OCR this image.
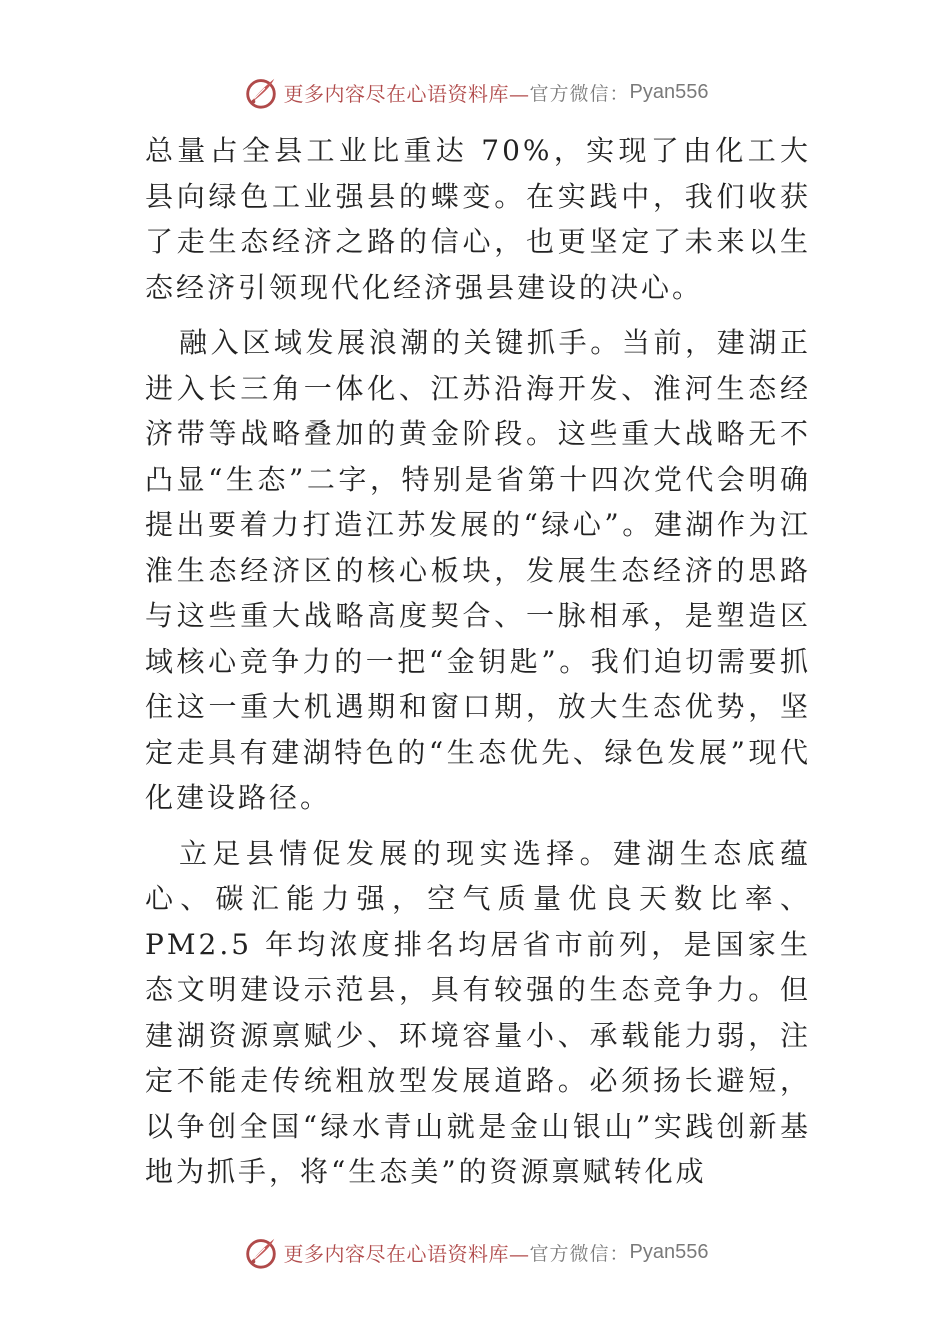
更多内容尽在心语资料库— 官方微信： Pyan556

总量占全县工业比重达 70%，实现了由化工大县向绿色工业强县的蝶变。在实践中，我们收获了走生态经济之路的信心，也更坚定了未来以生态经济引领现代化经济强县建设的决心。

融入区域发展浪潮的关键抓手。当前，建湖正进入长三角一体化、江苏沿海开发、淮河生态经济带等战略叠加的黄金阶段。这些重大战略无不凸显“生态”二字，特别是省第十四次党代会明确提出要着力打造江苏发展的“绿心”。建湖作为江淮生态经济区的核心板块，发展生态经济的思路与这些重大战略高度契合、一脉相承，是塑造区域核心竞争力的一把“金钥匙”。我们迫切需要抓住这一重大机遇期和窗口期，放大生态优势，坚定走具有建湖特色的“生态优先、绿色发展”现代化建设路径。

立足县情促发展的现实选择。建湖生态底蕴心、碳汇能力强，空气质量优良天数比率、PM2.5 年均浓度排名均居省市前列，是国家生态文明建设示范县，具有较强的生态竞争力。但建湖资源禀赋少、环境容量小、承载能力弱，注定不能走传统粗放型发展道路。必须扬长避短，以争创全国“绿水青山就是金山银山”实践创新基地为抓手，将“生态美”的资源禀赋转化成

更多内容尽在心语资料库— 官方微信： Pyan556
